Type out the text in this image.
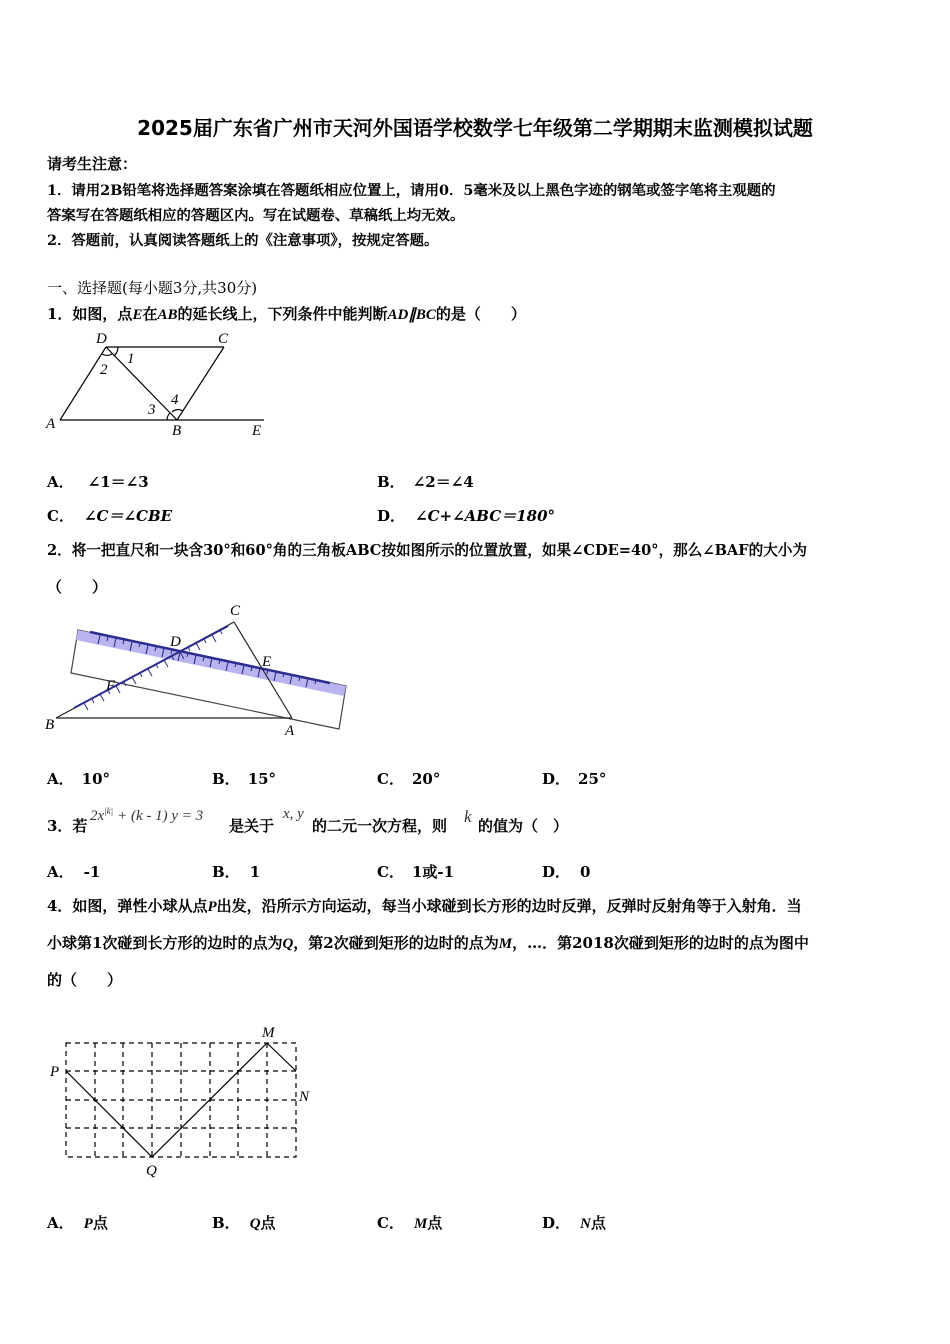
2025届广东省广州市天河外国语学校数学七年级第二学期期末监测模拟试题
请考生注意：
1．请用2B铅笔将选择题答案涂填在答题纸相应位置上，请用0．5毫米及以上黑色字迹的钢笔或签字笔将主观题的
答案写在答题纸相应的答题区内。写在试题卷、草稿纸上均无效。
2．答题前，认真阅读答题纸上的《注意事项》，按规定答题。
一、选择题(每小题3分,共30分)
1．如图，点E在AB的延长线上，下列条件中能判断AD∥BC的是（　　）
D	C
1
2
3
4
A	B	E
A． ∠1＝∠3	B． ∠2＝∠4
C． ∠C＝∠CBE	D． ∠C+∠ABC＝180°
2．将一把直尺和一块含30°和60°角的三角板ABC按如图所示的位置放置，如果∠CDE=40°，那么∠BAF的大小为
（　　）
C
D
E
F
B	A
A． 10°	B． 15°	C． 20°	D． 25°
3．若
$2x^{|k|} + (k - 1) y = 3$
是关于
x, y
的二元一次方程，则 k 的值为（　）
A． -1	B． 1	C． 1或-1	D． 0
4．如图，弹性小球从点P出发，沿所示方向运动，每当小球碰到长方形的边时反弹，反弹时反射角等于入射角．当
小球第1次碰到长方形的边时的点为Q，第2次碰到矩形的边时的点为M，…．第2018次碰到矩形的边时的点为图中
的（　　）
M
P
N
Q
A． P点	B． Q点	C． M点	D． N点
